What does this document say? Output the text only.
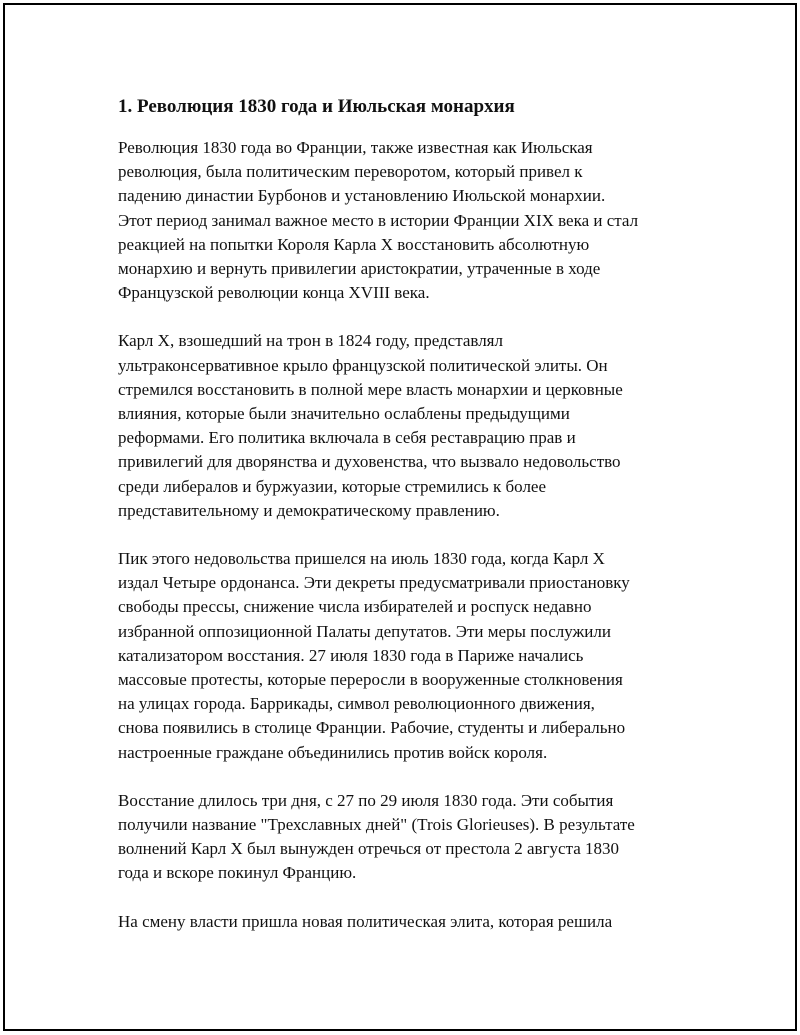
1. Революция 1830 года и Июльская монархия

Революция 1830 года во Франции, также известная как Июльская
революция, была политическим переворотом, который привел к
падению династии Бурбонов и установлению Июльской монархии.
Этот период занимал важное место в истории Франции XIX века и стал
реакцией на попытки Короля Карла X восстановить абсолютную
монархию и вернуть привилегии аристократии, утраченные в ходе
Французской революции конца XVIII века.

Карл X, взошедший на трон в 1824 году, представлял
ультраконсервативное крыло французской политической элиты. Он
стремился восстановить в полной мере власть монархии и церковные
влияния, которые были значительно ослаблены предыдущими
реформами. Его политика включала в себя реставрацию прав и
привилегий для дворянства и духовенства, что вызвало недовольство
среди либералов и буржуазии, которые стремились к более
представительному и демократическому правлению.

Пик этого недовольства пришелся на июль 1830 года, когда Карл X
издал Четыре ордонанса. Эти декреты предусматривали приостановку
свободы прессы, снижение числа избирателей и роспуск недавно
избранной оппозиционной Палаты депутатов. Эти меры послужили
катализатором восстания. 27 июля 1830 года в Париже начались
массовые протесты, которые переросли в вооруженные столкновения
на улицах города. Баррикады, символ революционного движения,
снова появились в столице Франции. Рабочие, студенты и либерально
настроенные граждане объединились против войск короля.

Восстание длилось три дня, с 27 по 29 июля 1830 года. Эти события
получили название "Трехславных дней" (Trois Glorieuses). В результате
волнений Карл X был вынужден отречься от престола 2 августа 1830
года и вскоре покинул Францию.

На смену власти пришла новая политическая элита, которая решила
